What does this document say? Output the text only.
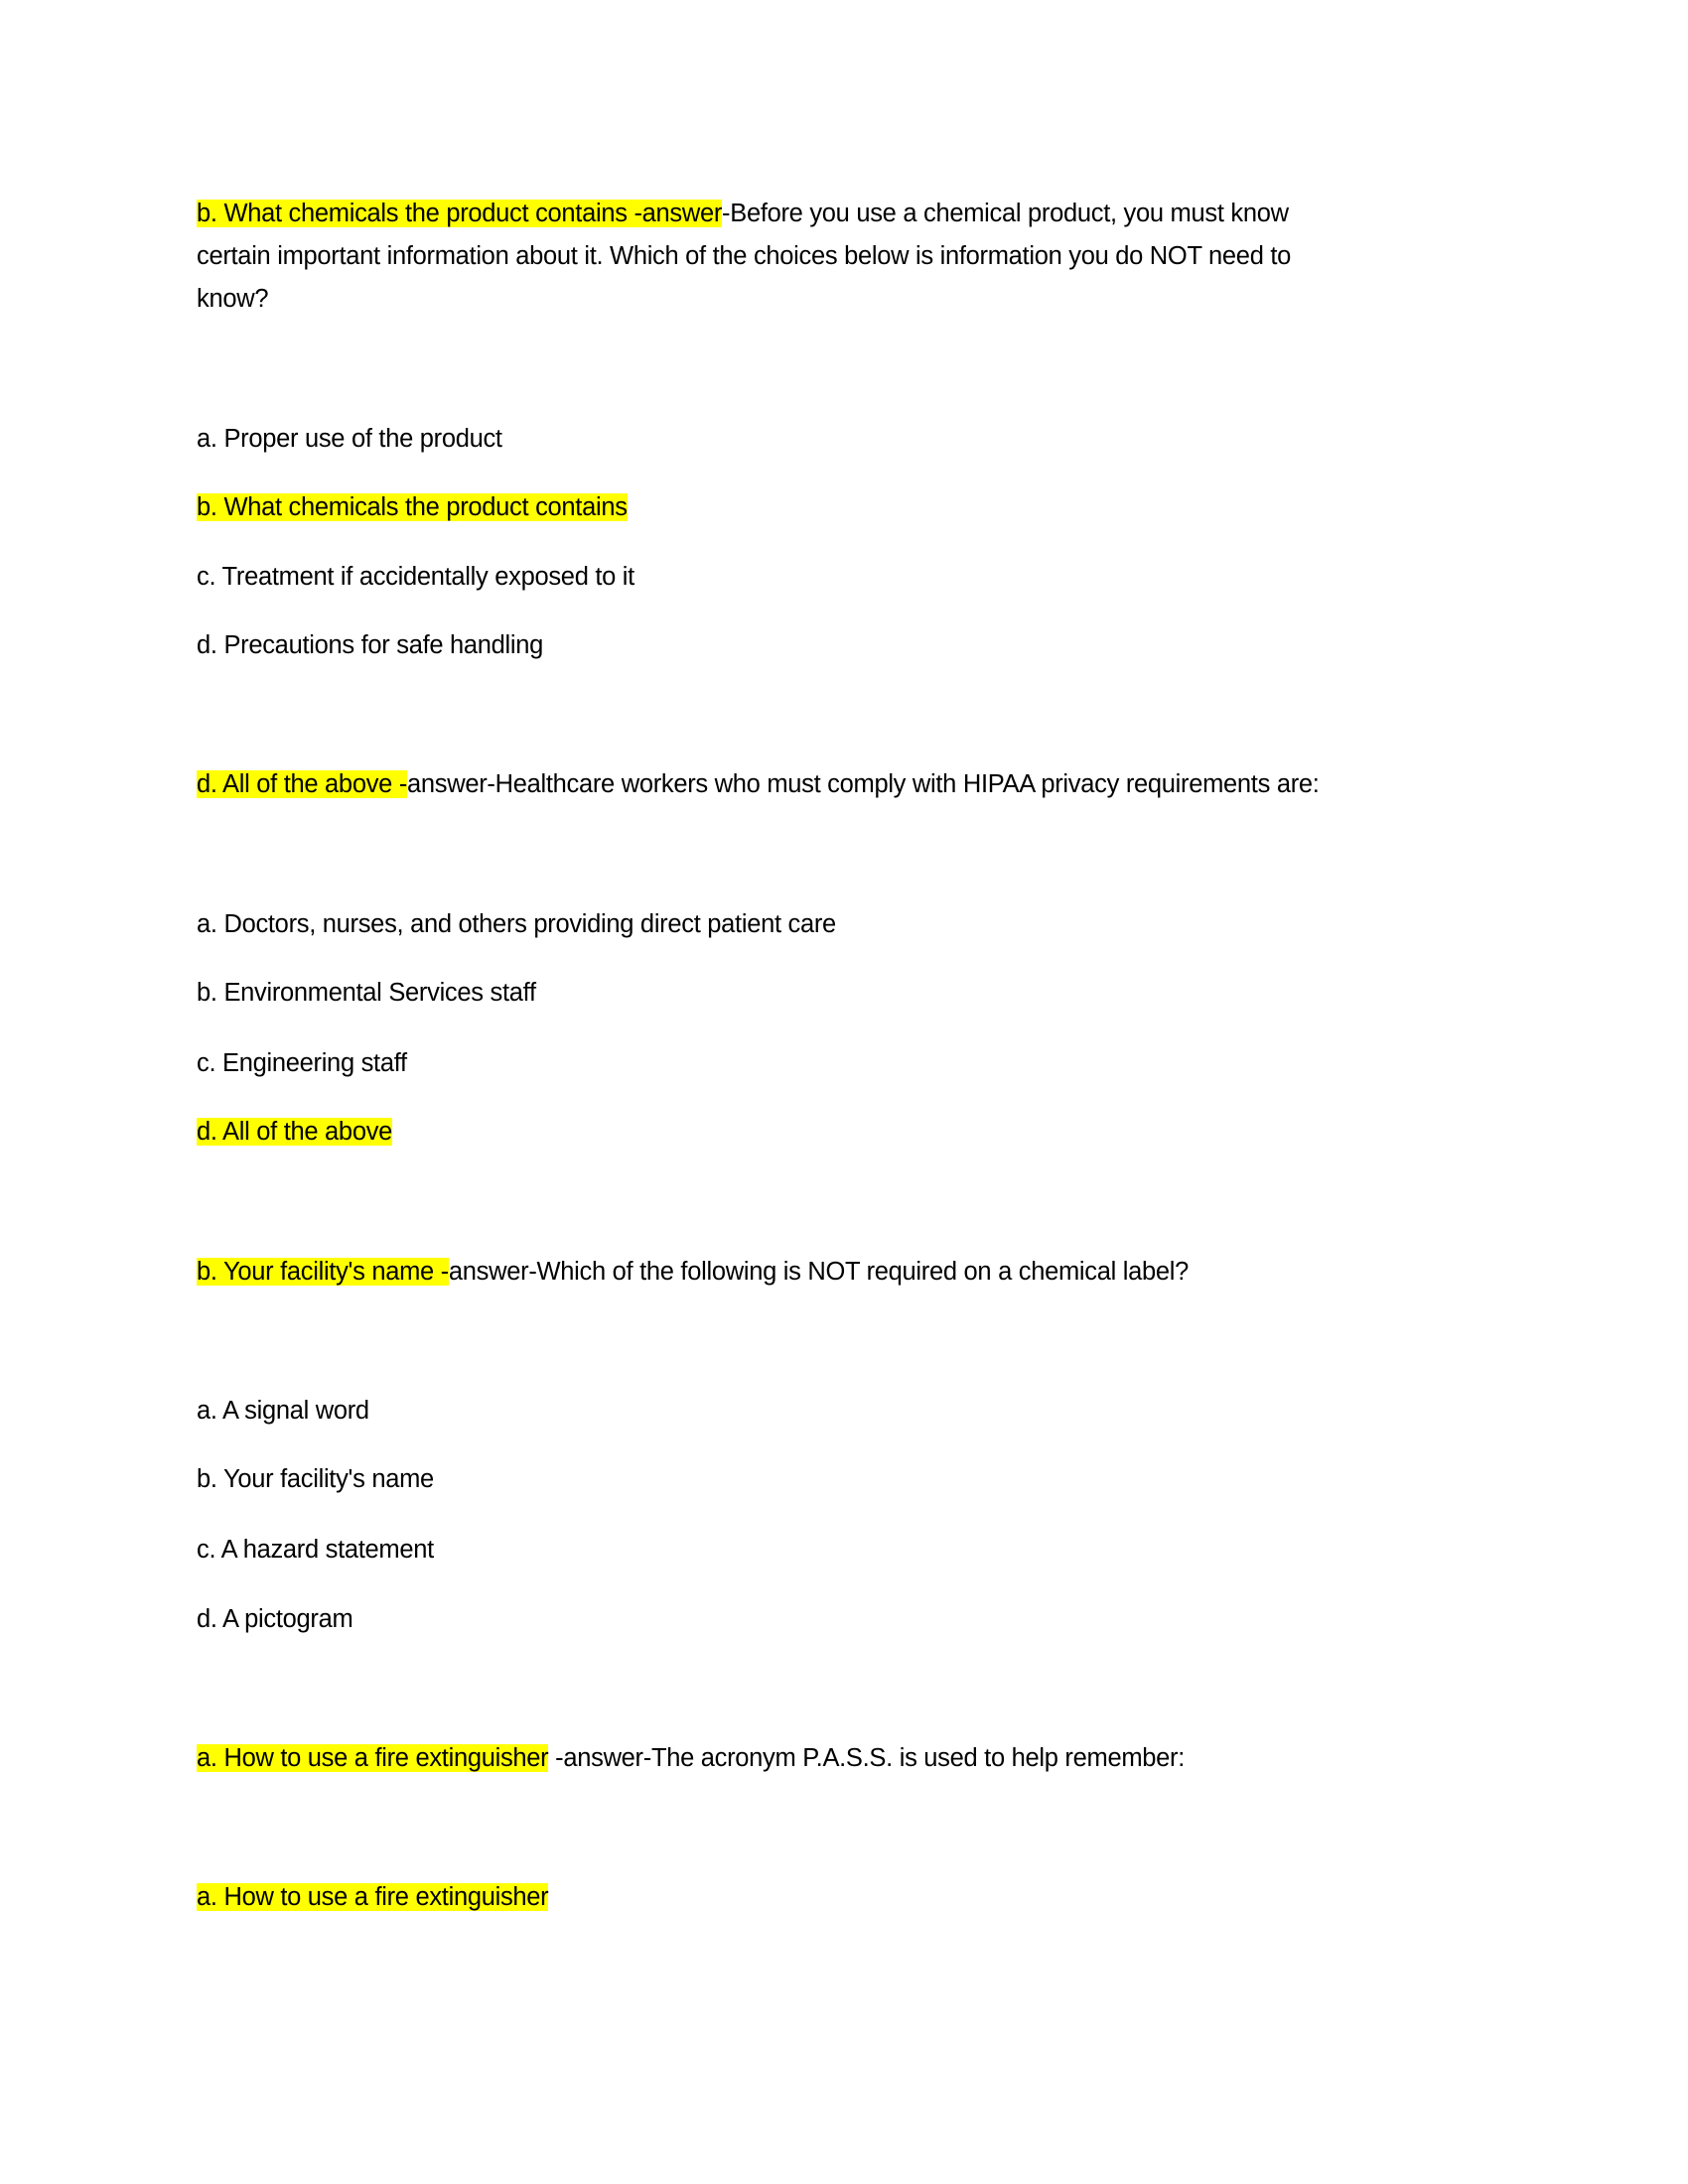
b. What chemicals the product contains -answer-Before you use a chemical product, you must know
certain important information about it. Which of the choices below is information you do NOT need to
know?
a. Proper use of the product
b. What chemicals the product contains
c. Treatment if accidentally exposed to it
d. Precautions for safe handling
d. All of the above -answer-Healthcare workers who must comply with HIPAA privacy requirements are:
a. Doctors, nurses, and others providing direct patient care
b. Environmental Services staff
c. Engineering staff
d. All of the above
b. Your facility's name -answer-Which of the following is NOT required on a chemical label?
a. A signal word
b. Your facility's name
c. A hazard statement
d. A pictogram
a. How to use a fire extinguisher -answer-The acronym P.A.S.S. is used to help remember:
a. How to use a fire extinguisher
